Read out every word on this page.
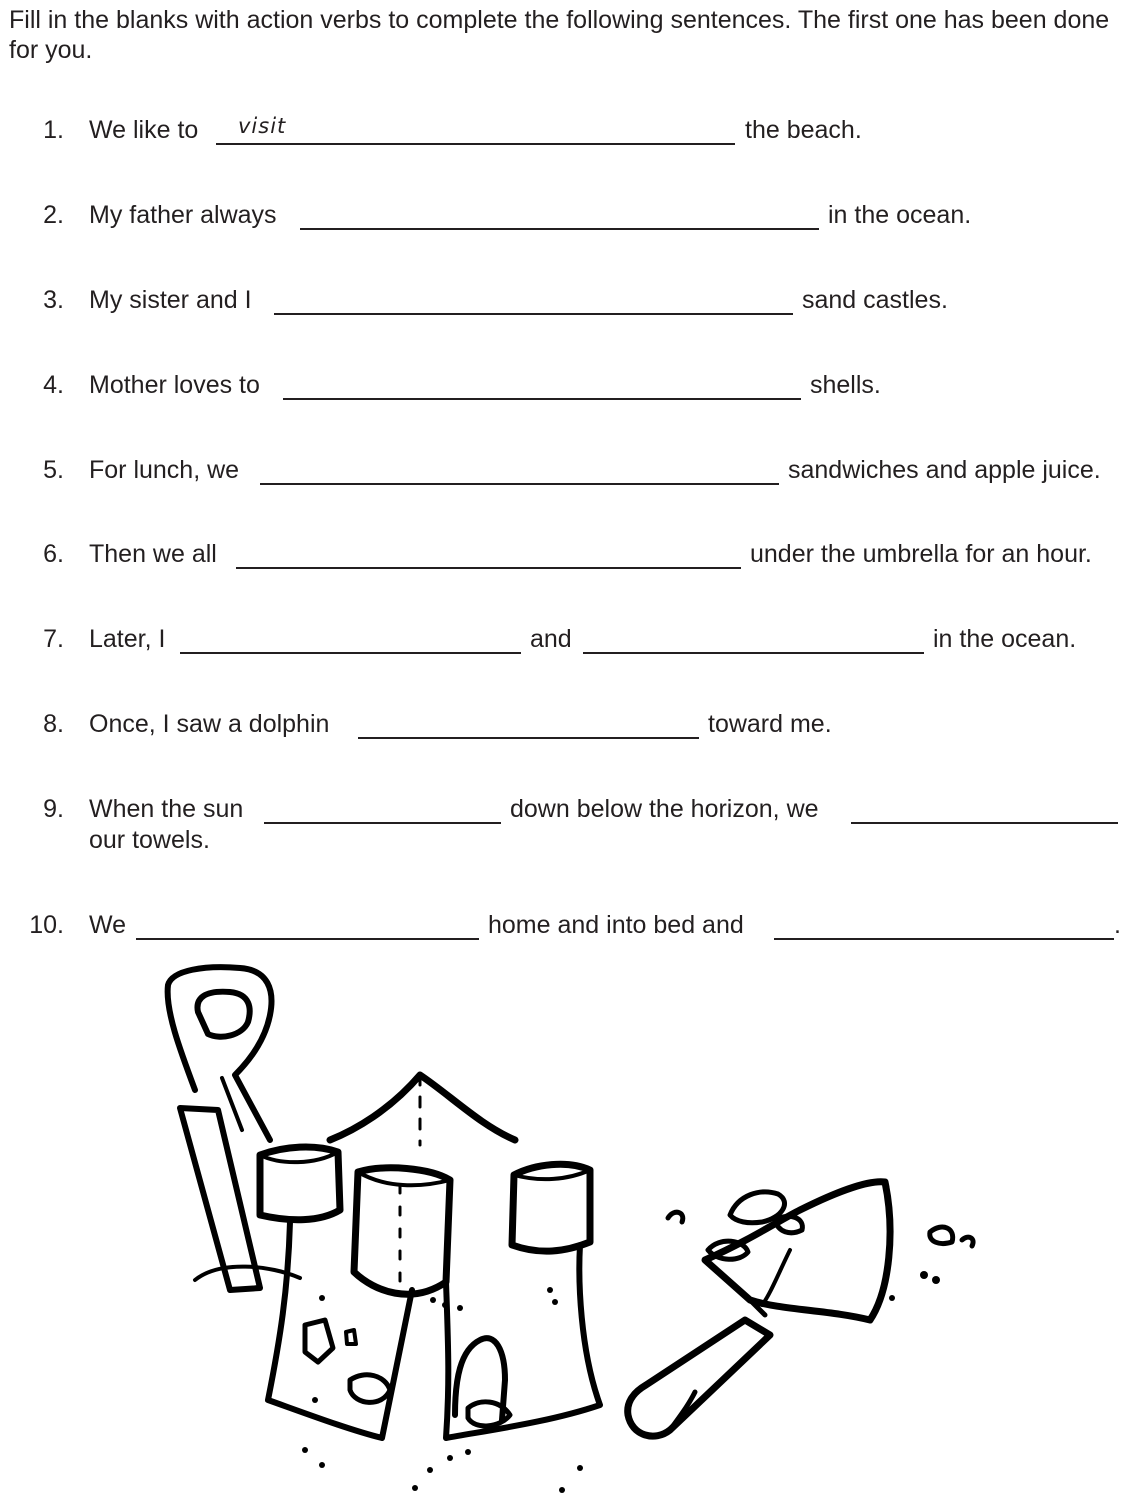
Fill in the blanks with action verbs to complete the following sentences. The first one has been done for you.

1. We like to	the beach.
visit
2. My father always	in the ocean.
3. My sister and I	sand castles.
4. Mother loves to	shells.
5. For lunch, we	sandwiches and apple juice.
6. Then we all	under the umbrella for an hour.
7. Later, I	and	in the ocean.
8. Once, I saw a dolphin	toward me.
9. When the sun	down below the horizon, we
our towels.
10. We	home and into bed and	.
